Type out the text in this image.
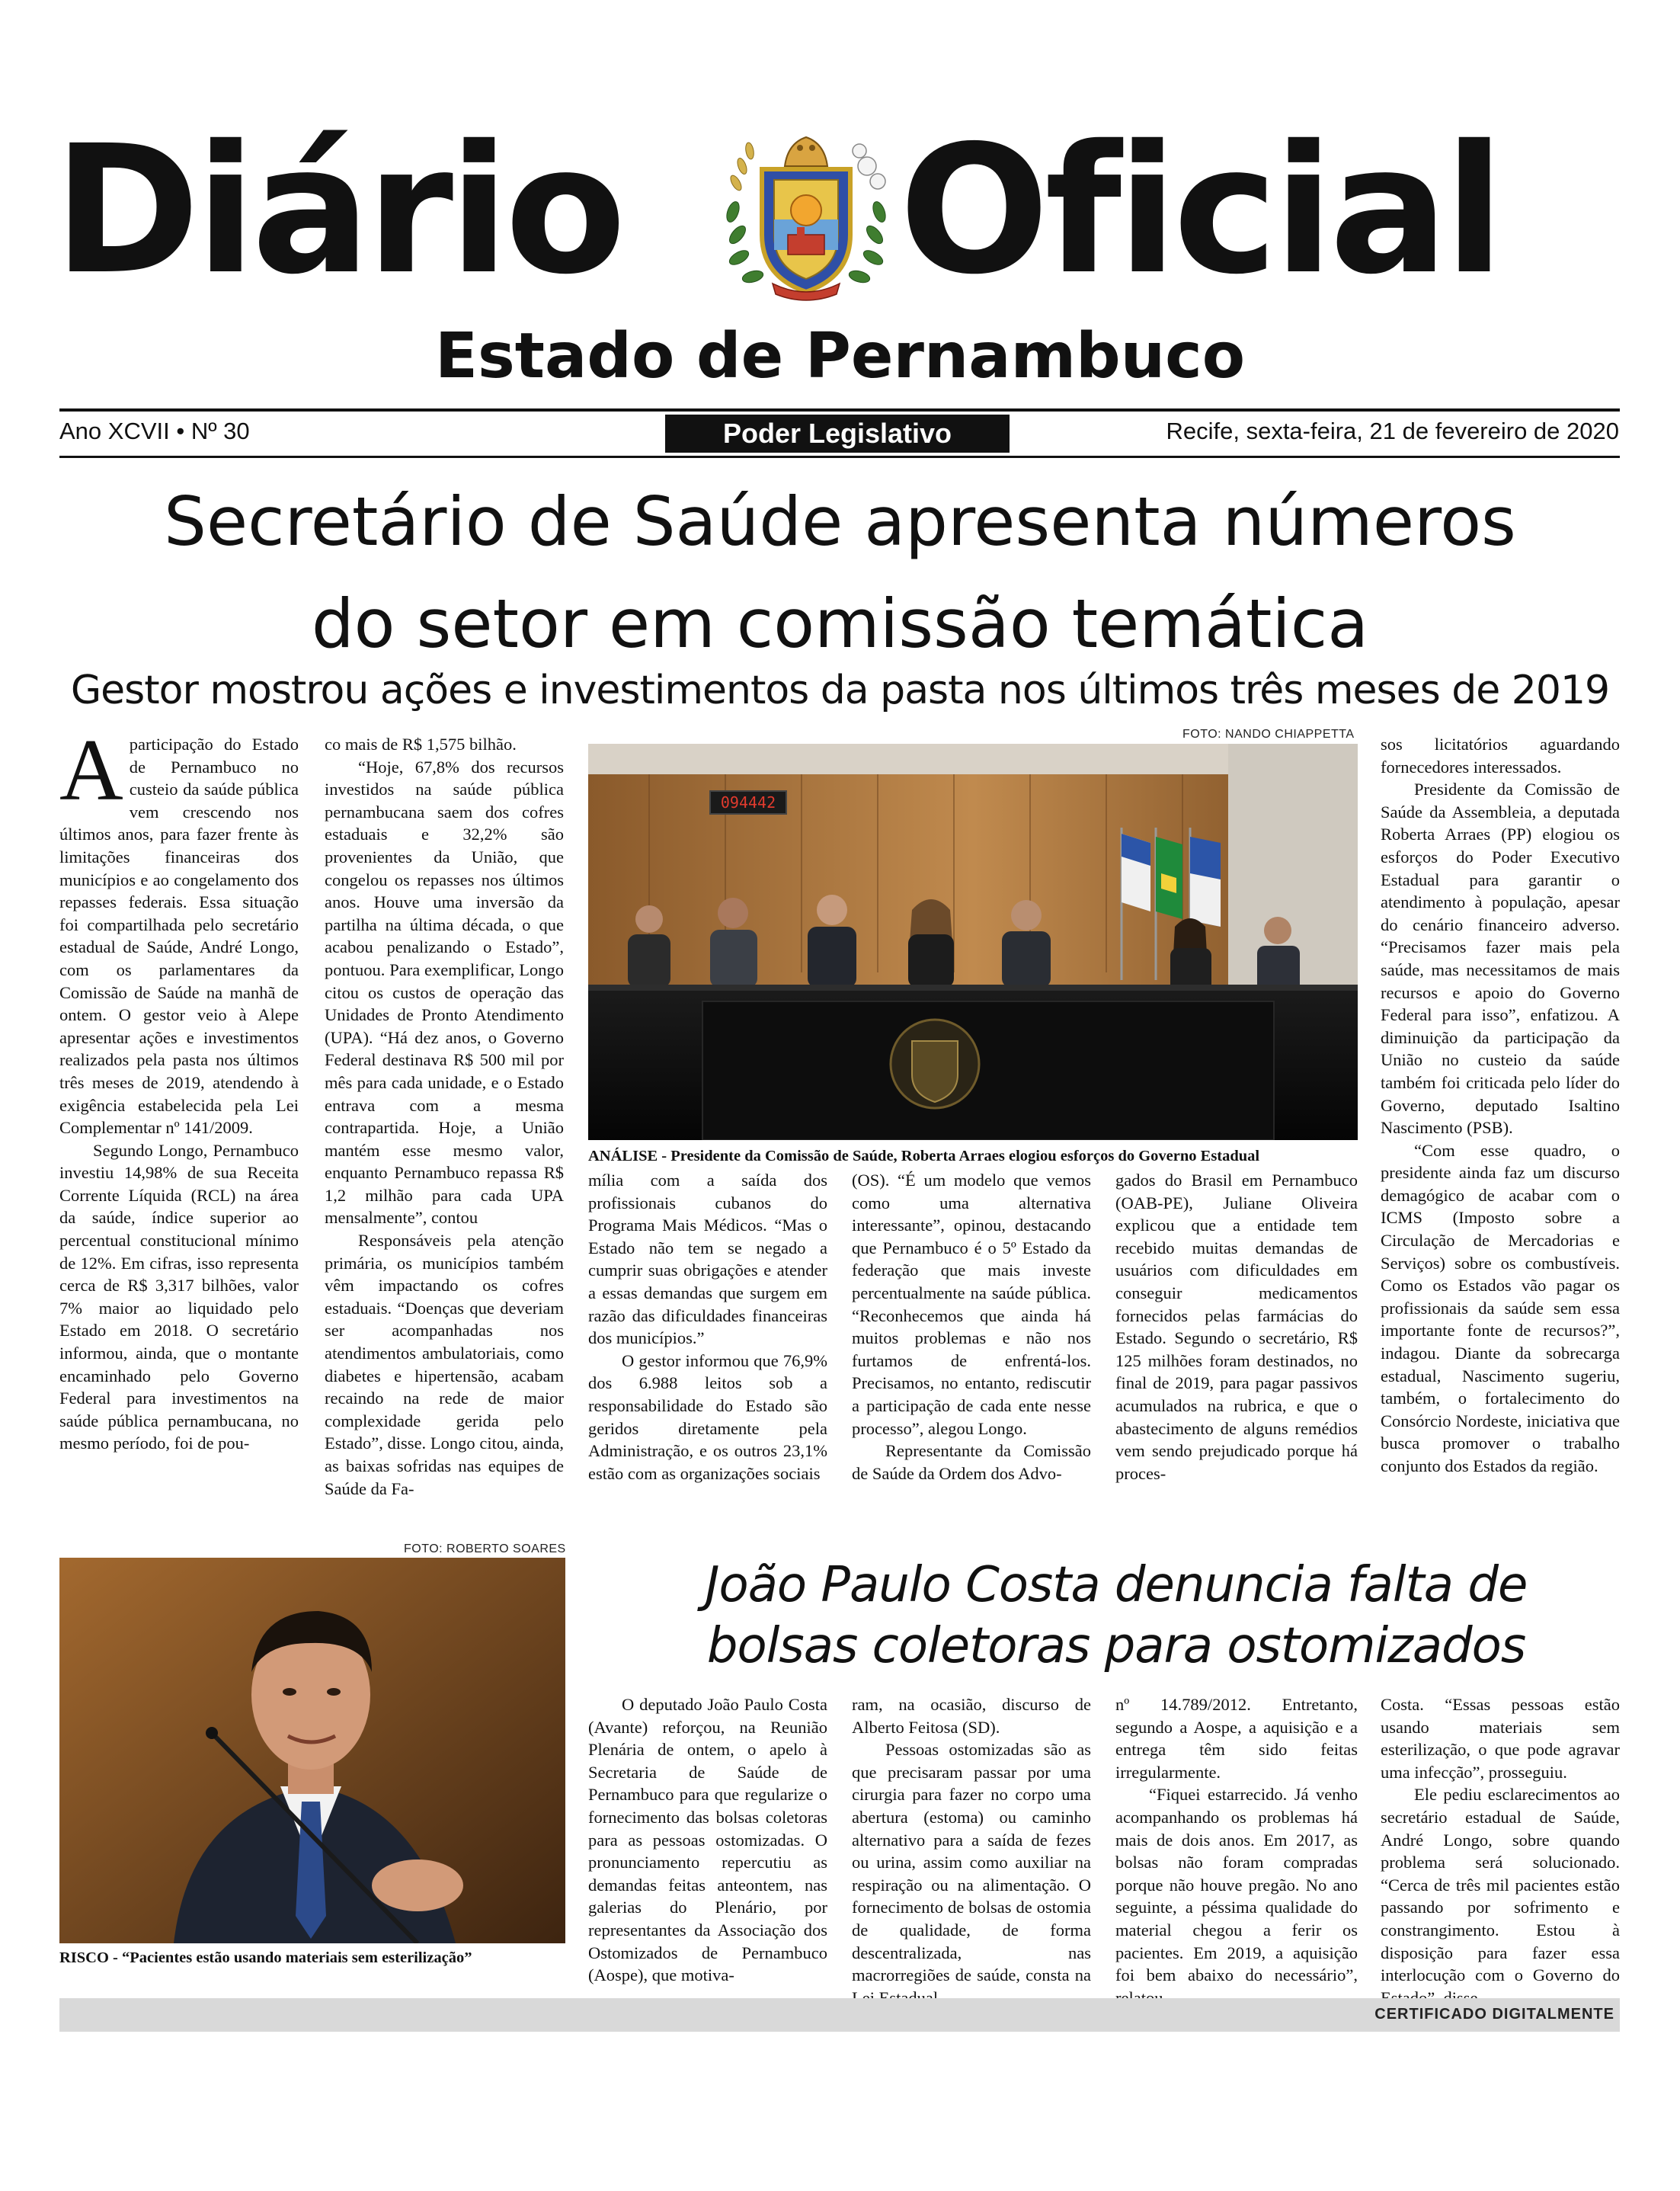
Diário Oficial
Estado de Pernambuco
Ano XCVII • Nº 30	Poder Legislativo	Recife, sexta-feira, 21 de fevereiro de 2020
Secretário de Saúde apresenta números
do setor em comissão temática
Gestor mostrou ações e investimentos da pasta nos últimos três meses de 2019

Aparticipação do Estado de Pernambuco no custeio da saúde pública vem crescendo nos últimos anos, para fazer frente às limitações financeiras dos municípios e ao congelamento dos repasses federais. Essa situação foi compartilhada pelo secretário estadual de Saúde, André Longo, com os parlamentares da Comissão de Saúde na manhã de ontem. O gestor veio à Alepe apresentar ações e investimentos realizados pela pasta nos últimos três meses de 2019, atendendo à exigência estabelecida pela Lei Complementar nº 141/2009.

Segundo Longo, Pernambuco investiu 14,98% de sua Receita Corrente Líquida (RCL) na área da saúde, índice superior ao percentual constitucional mínimo de 12%. Em cifras, isso representa cerca de R$ 3,317 bilhões, valor 7% maior ao liquidado pelo Estado em 2018. O secretário informou, ainda, que o montante encaminhado pelo Governo Federal para investimentos na saúde pública pernambucana, no mesmo período, foi de pou-

co mais de R$ 1,575 bilhão.

“Hoje, 67,8% dos recursos investidos na saúde pública pernambucana saem dos cofres estaduais e 32,2% são provenientes da União, que congelou os repasses nos últimos anos. Houve uma inversão da partilha na última década, o que acabou penalizando o Estado”, pontuou. Para exemplificar, Longo citou os custos de operação das Unidades de Pronto Atendimento (UPA). “Há dez anos, o Governo Federal destinava R$ 500 mil por mês para cada unidade, e o Estado entrava com a mesma contrapartida. Hoje, a União mantém esse mesmo valor, enquanto Pernambuco repassa R$ 1,2 milhão para cada UPA mensalmente”, contou

Responsáveis pela atenção primária, os municípios também vêm impactando os cofres estaduais. “Doenças que deveriam ser acompanhadas nos atendimentos ambulatoriais, como diabetes e hipertensão, acabam recaindo na rede de maior complexidade gerida pelo Estado”, disse. Longo citou, ainda, as baixas sofridas nas equipes de Saúde da Fa-

FOTO: NANDO CHIAPPETTA
094442
ANÁLISE - Presidente da Comissão de Saúde, Roberta Arraes elogiou esforços do Governo Estadual

mília com a saída dos profissionais cubanos do Programa Mais Médicos. “Mas o Estado não tem se negado a cumprir suas obrigações e atender a essas demandas que surgem em razão das dificuldades financeiras dos municípios.”

O gestor informou que 76,9% dos 6.988 leitos sob a responsabilidade do Estado são geridos diretamente pela Administração, e os outros 23,1% estão com as organizações sociais

(OS). “É um modelo que vemos como uma alternativa interessante”, opinou, destacando que Pernambuco é o 5º Estado da federação que mais investe percentualmente na saúde pública. “Reconhecemos que ainda há muitos problemas e não nos furtamos de enfrentá-los. Precisamos, no entanto, rediscutir a participação de cada ente nesse processo”, alegou Longo.

Representante da Comissão de Saúde da Ordem dos Advo-

gados do Brasil em Pernambuco (OAB-PE), Juliane Oliveira explicou que a entidade tem recebido muitas demandas de usuários com dificuldades em conseguir medicamentos fornecidos pelas farmácias do Estado. Segundo o secretário, R$ 125 milhões foram destinados, no final de 2019, para pagar passivos acumulados na rubrica, e que o abastecimento de alguns remédios vem sendo prejudicado porque há proces-

sos licitatórios aguardando fornecedores interessados.

Presidente da Comissão de Saúde da Assembleia, a deputada Roberta Arraes (PP) elogiou os esforços do Poder Executivo Estadual para garantir o atendimento à população, apesar do cenário financeiro adverso. “Precisamos fazer mais pela saúde, mas necessitamos de mais recursos e apoio do Governo Federal para isso”, enfatizou. A diminuição da participação da União no custeio da saúde também foi criticada pelo líder do Governo, deputado Isaltino Nascimento (PSB).

“Com esse quadro, o presidente ainda faz um discurso demagógico de acabar com o ICMS (Imposto sobre a Circulação de Mercadorias e Serviços) sobre os combustíveis. Como os Estados vão pagar os profissionais da saúde sem essa importante fonte de recursos?”, indagou. Diante da sobrecarga estadual, Nascimento sugeriu, também, o fortalecimento do Consórcio Nordeste, iniciativa que busca promover o trabalho conjunto dos Estados da região.

FOTO: ROBERTO SOARES
RISCO - “Pacientes estão usando materiais sem esterilização”
João Paulo Costa denuncia falta de
bolsas coletoras para ostomizados

O deputado João Paulo Costa (Avante) reforçou, na Reunião Plenária de ontem, o apelo à Secretaria de Saúde de Pernambuco para que regularize o fornecimento das bolsas coletoras para as pessoas ostomizadas. O pronunciamento repercutiu as demandas feitas anteontem, nas galerias do Plenário, por representantes da Associação dos Ostomizados de Pernambuco (Aospe), que motiva-

ram, na ocasião, discurso de Alberto Feitosa (SD).

Pessoas ostomizadas são as que precisaram passar por uma cirurgia para fazer no corpo uma abertura (estoma) ou caminho alternativo para a saída de fezes ou urina, assim como auxiliar na respiração ou na alimentação. O fornecimento de bolsas de ostomia de qualidade, de forma descentralizada, nas macrorregiões de saúde, consta na

nº 14.789/2012. Entretanto, segundo a Aospe, a aquisição e a entrega têm sido feitas irregularmente.

“Fiquei estarrecido. Já venho acompanhando os problemas há mais de dois anos. Em 2017, as bolsas não foram compradas porque não houve pregão. No ano seguinte, a péssima qualidade do material chegou a ferir os pacientes. Em 2019, a aquisição foi bem abaixo do necessário”,

Costa. “Essas pessoas estão usando materiais sem esterilização, o que pode agravar uma infecção”, prosseguiu.

Ele pediu esclarecimentos ao secretário estadual de Saúde, André Longo, sobre quando problema será solucionado. “Cerca de três mil pacientes estão passando por sofrimento e constrangimento. Estou à disposição para fazer essa interlocução com o Governo do

CERTIFICADO DIGITALMENTE
